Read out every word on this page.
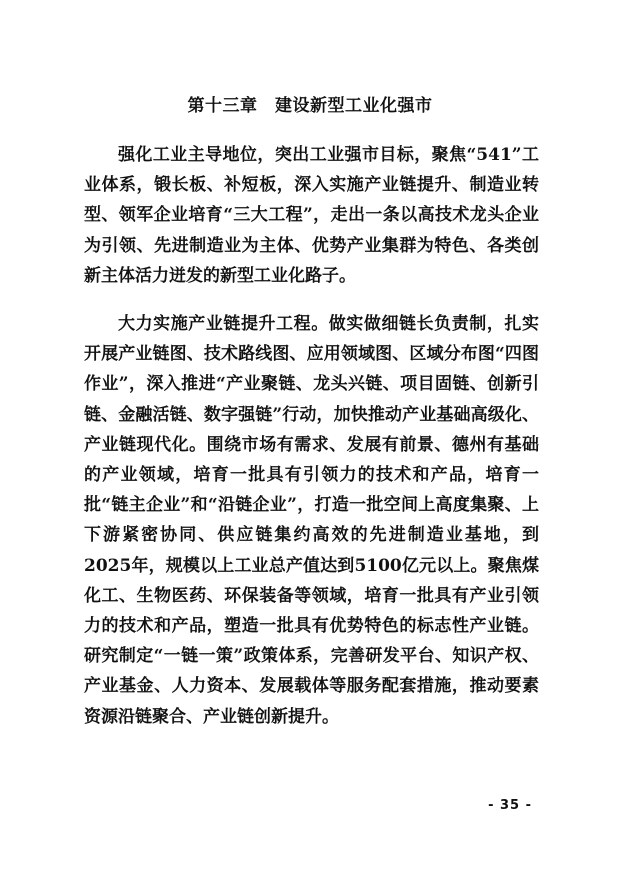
第十三章　建设新型工业化强市
强化工业主导地位，突出工业强市目标，聚焦“541”工业体系，锻长板、补短板，深入实施产业链提升、制造业转型、领军企业培育“三大工程”，走出一条以高技术龙头企业为引领、先进制造业为主体、优势产业集群为特色、各类创新主体活力迸发的新型工业化路子。
大力实施产业链提升工程。做实做细链长负责制，扎实开展产业链图、技术路线图、应用领域图、区域分布图“四图作业”，深入推进“产业聚链、龙头兴链、项目固链、创新引链、金融活链、数字强链”行动，加快推动产业基础高级化、产业链现代化。围绕市场有需求、发展有前景、德州有基础的产业领域，培育一批具有引领力的技术和产品，培育一批“链主企业”和“沿链企业”，打造一批空间上高度集聚、上下游紧密协同、供应链集约高效的先进制造业基地，到2025年，规模以上工业总产值达到5100亿元以上。聚焦煤化工、生物医药、环保装备等领域，培育一批具有产业引领力的技术和产品，塑造一批具有优势特色的标志性产业链。研究制定“一链一策”政策体系，完善研发平台、知识产权、产业基金、人力资本、发展载体等服务配套措施，推动要素资源沿链聚合、产业链创新提升。
- 35 -
